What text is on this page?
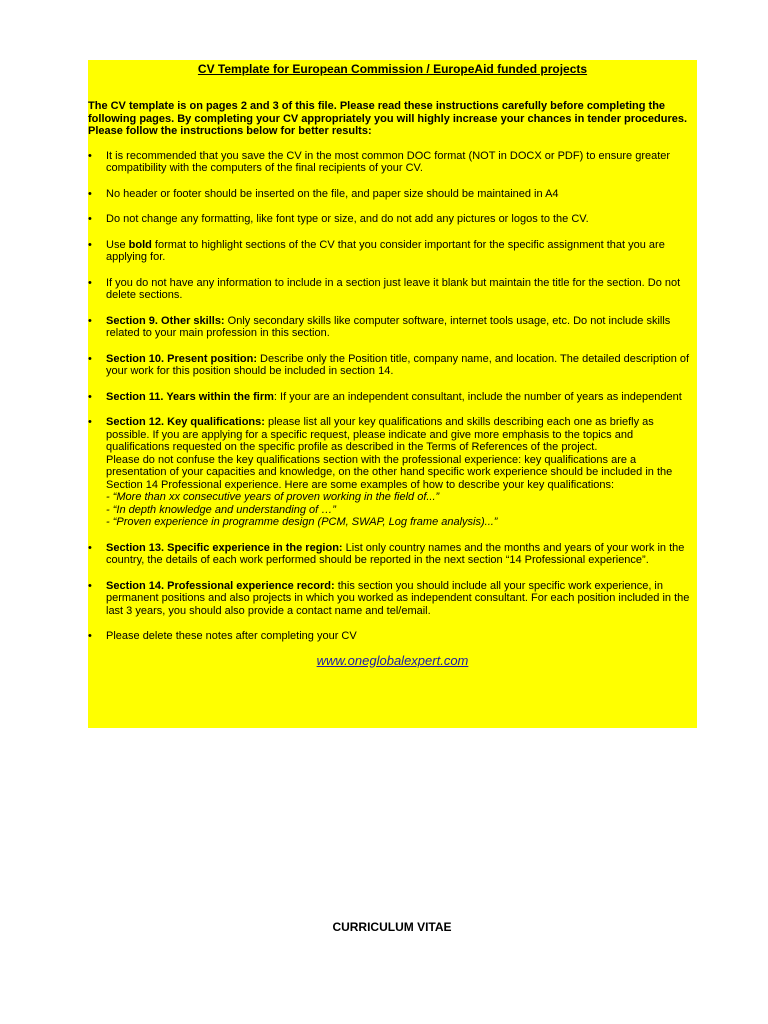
CV Template for European Commission / EuropeAid funded projects
The CV template is on pages 2 and 3 of this file. Please read these instructions carefully before completing the following pages. By completing your CV appropriately you will highly increase your chances in tender procedures. Please follow the instructions below for better results:
• It is recommended that you save the CV in the most common DOC format (NOT in DOCX or PDF) to ensure greater compatibility with the computers of the final recipients of your CV.
• No header or footer should be inserted on the file, and paper size should be maintained in A4
• Do not change any formatting, like font type or size, and do not add any pictures or logos to the CV.
• Use bold format to highlight sections of the CV that you consider important for the specific assignment that you are applying for.
• If you do not have any information to include in a section just leave it blank but maintain the title for the section. Do not delete sections.
• Section 9. Other skills: Only secondary skills like computer software, internet tools usage, etc. Do not include skills related to your main profession in this section.
• Section 10. Present position: Describe only the Position title, company name, and location. The detailed description of your work for this position should be included in section 14.
• Section 11. Years within the firm: If your are an independent consultant, include the number of years as independent
• Section 12. Key qualifications: please list all your key qualifications and skills describing each one as briefly as possible. If you are applying for a specific request, please indicate and give more emphasis to the topics and qualifications requested on the specific profile as described in the Terms of References of the project.
Please do not confuse the key qualifications section with the professional experience: key qualifications are a presentation of your capacities and knowledge, on the other hand specific work experience should be included in the Section 14 Professional experience. Here are some examples of how to describe your key qualifications:
- “More than xx consecutive years of proven working in the field of...”
- “In depth knowledge and understanding of …”
- “Proven experience in programme design (PCM, SWAP, Log frame analysis)...”
• Section 13. Specific experience in the region: List only country names and the months and years of your work in the country, the details of each work performed should be reported in the next section “14 Professional experience”.
• Section 14. Professional experience record: this section you should include all your specific work experience, in permanent positions and also projects in which you worked as independent consultant. For each position included in the last 3 years, you should also provide a contact name and tel/email.
• Please delete these notes after completing your CV
www.oneglobalexpert.com
CURRICULUM VITAE
